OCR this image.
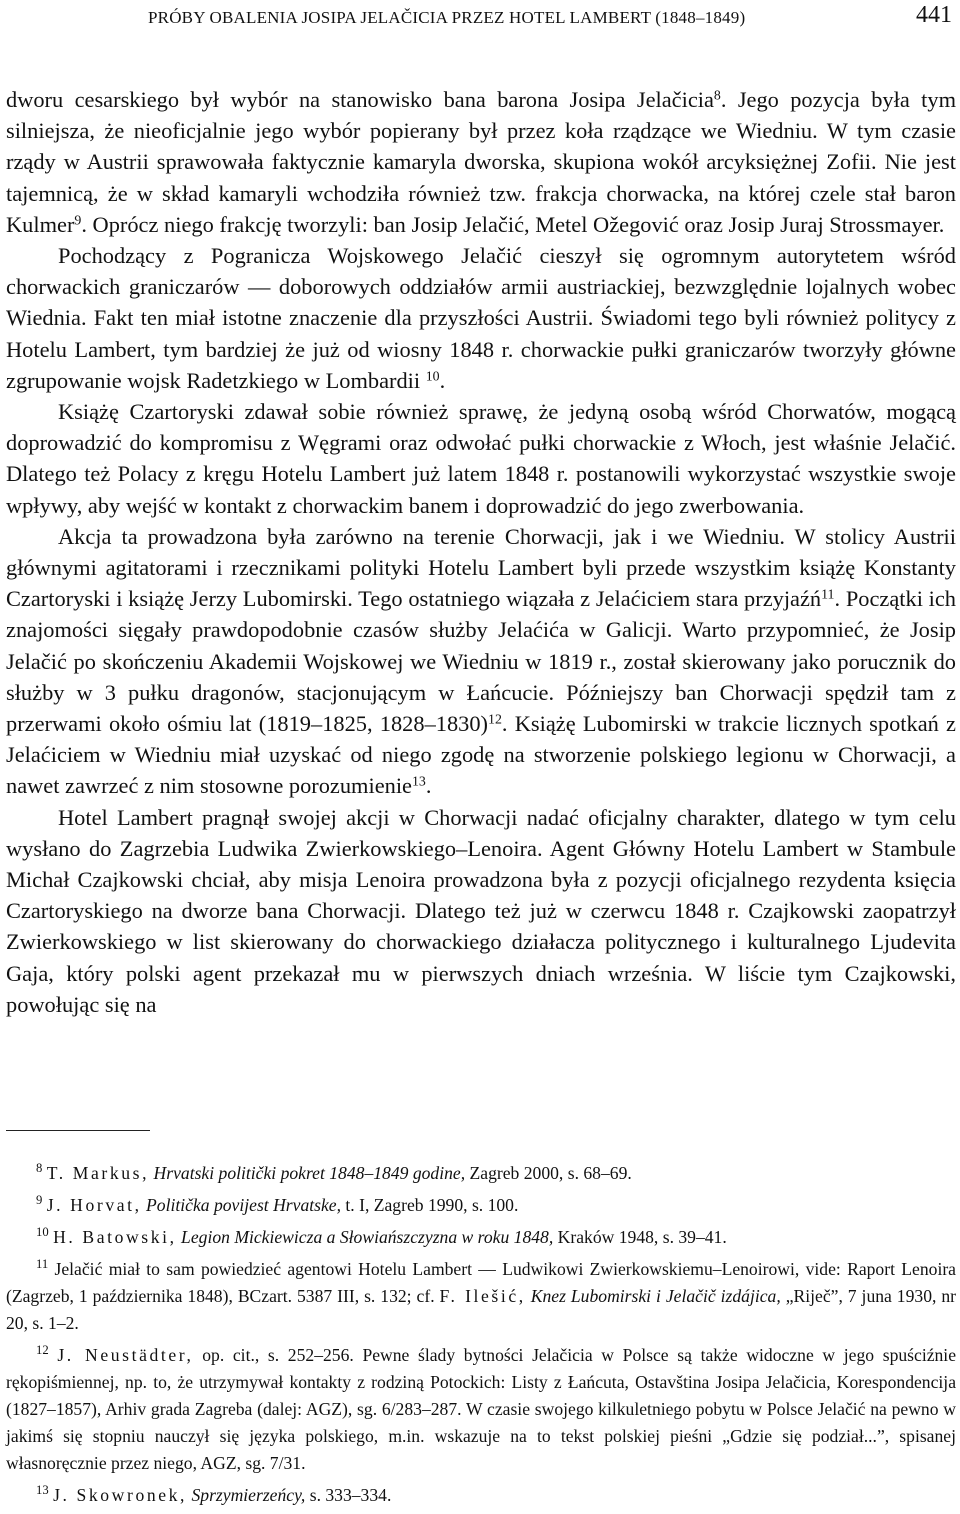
PRÓBY OBALENIA JOSIPA JELAČICIA PRZEZ HOTEL LAMBERT (1848–1849)	441

dworu cesarskiego był wybór na stanowisko bana barona Josipa Jelačicia$^8$. Jego pozycja była tym silniejsza, że nieoficjalnie jego wybór popierany był przez koła rządzące we Wiedniu. W tym czasie rządy w Austrii sprawowała faktycznie kamaryla dworska, skupiona wokół arcyksiężnej Zofii. Nie jest tajemnicą, że w skład kamaryli wchodziła również tzw. frakcja chorwacka, na której czele stał baron Kulmer$^9$. Oprócz niego frakcję tworzyli: ban Josip Jelačić, Metel Ožegović oraz Josip Juraj Strossmayer.

Pochodzący z Pogranicza Wojskowego Jelačić cieszył się ogromnym autorytetem wśród chorwackich graniczarów — doborowych oddziałów armii austriackiej, bezwzględnie lojalnych wobec Wiednia. Fakt ten miał istotne znaczenie dla przyszłości Austrii. Świadomi tego byli również politycy z Hotelu Lambert, tym bardziej że już od wiosny 1848 r. chorwackie pułki graniczarów tworzyły główne zgrupowanie wojsk Radetzkiego w Lombardii $^{10}$.

Książę Czartoryski zdawał sobie również sprawę, że jedyną osobą wśród Chorwatów, mogącą doprowadzić do kompromisu z Węgrami oraz odwołać pułki chorwackie z Włoch, jest właśnie Jelačić. Dlatego też Polacy z kręgu Hotelu Lambert już latem 1848 r. postanowili wykorzystać wszystkie swoje wpływy, aby wejść w kontakt z chorwackim banem i doprowadzić do jego zwerbowania.

Akcja ta prowadzona była zarówno na terenie Chorwacji, jak i we Wiedniu. W stolicy Austrii głównymi agitatorami i rzecznikami polityki Hotelu Lambert byli przede wszystkim książę Konstanty Czartoryski i książę Jerzy Lubomirski. Tego ostatniego wiązała z Jelaćiciem stara przyjaźń$^{11}$. Początki ich znajomości sięgały prawdopodobnie czasów służby Jelaćića w Galicji. Warto przypomnieć, że Josip Jelačić po skończeniu Akademii Wojskowej we Wiedniu w 1819 r., został skierowany jako porucznik do służby w 3 pułku dragonów, stacjonującym w Łańcucie. Późniejszy ban Chorwacji spędził tam z przerwami około ośmiu lat (1819–1825, 1828–1830)$^{12}$. Książę Lubomirski w trakcie licznych spotkań z Jelaćiciem w Wiedniu miał uzyskać od niego zgodę na stworzenie polskiego legionu w Chorwacji, a nawet zawrzeć z nim stosowne porozumienie$^{13}$.

Hotel Lambert pragnął swojej akcji w Chorwacji nadać oficjalny charakter, dlatego w tym celu wysłano do Zagrzebia Ludwika Zwierkowskiego–Lenoira. Agent Główny Hotelu Lambert w Stambule Michał Czajkowski chciał, aby misja Lenoira prowadzona była z pozycji oficjalnego rezydenta księcia Czartoryskiego na dworze bana Chorwacji. Dlatego też już w czerwcu 1848 r. Czajkowski zaopatrzył Zwierkowskiego w list skierowany do chorwackiego działacza politycznego i kulturalnego Ljudevita Gaja, który polski agent przekazał mu w pierwszych dniach września. W liście tym Czajkowski, powołując się na

$^8$ T. Markus, Hrvatski politički pokret 1848–1849 godine, Zagreb 2000, s. 68–69.

$^9$ J. Horvat, Politička povijest Hrvatske, t. I, Zagreb 1990, s. 100.

$^{10}$ H. Batowski, Legion Mickiewicza a Słowiańszczyzna w roku 1848, Kraków 1948, s. 39–41.

$^{11}$ Jelačić miał to sam powiedzieć agentowi Hotelu Lambert — Ludwikowi Zwierkowskiemu–Lenoirowi, vide: Raport Lenoira (Zagrzeb, 1 października 1848), BCzart. 5387 III, s. 132; cf. F. Ilešić, Knez Lubomirski i Jelačič izdájica, „Riječ”, 7 juna 1930, nr 20, s. 1–2.

$^{12}$ J. Neustädter, op. cit., s. 252–256. Pewne ślady bytności Jelačicia w Polsce są także widoczne w jego spuściźnie rękopiśmiennej, np. to, że utrzymywał kontakty z rodziną Potockich: Listy z Łańcuta, Ostavština Josipa Jelačicia, Korespondencija (1827–1857), Arhiv grada Zagreba (dalej: AGZ), sg. 6/283–287. W czasie swojego kilkuletniego pobytu w Polsce Jelačić na pewno w jakimś się stopniu nauczył się języka polskiego, m.in. wskazuje na to tekst polskiej pieśni „Gdzie się podział...”, spisanej własnoręcznie przez niego, AGZ, sg. 7/31.

$^{13}$ J. Skowronek, Sprzymierzeńcy, s. 333–334.
